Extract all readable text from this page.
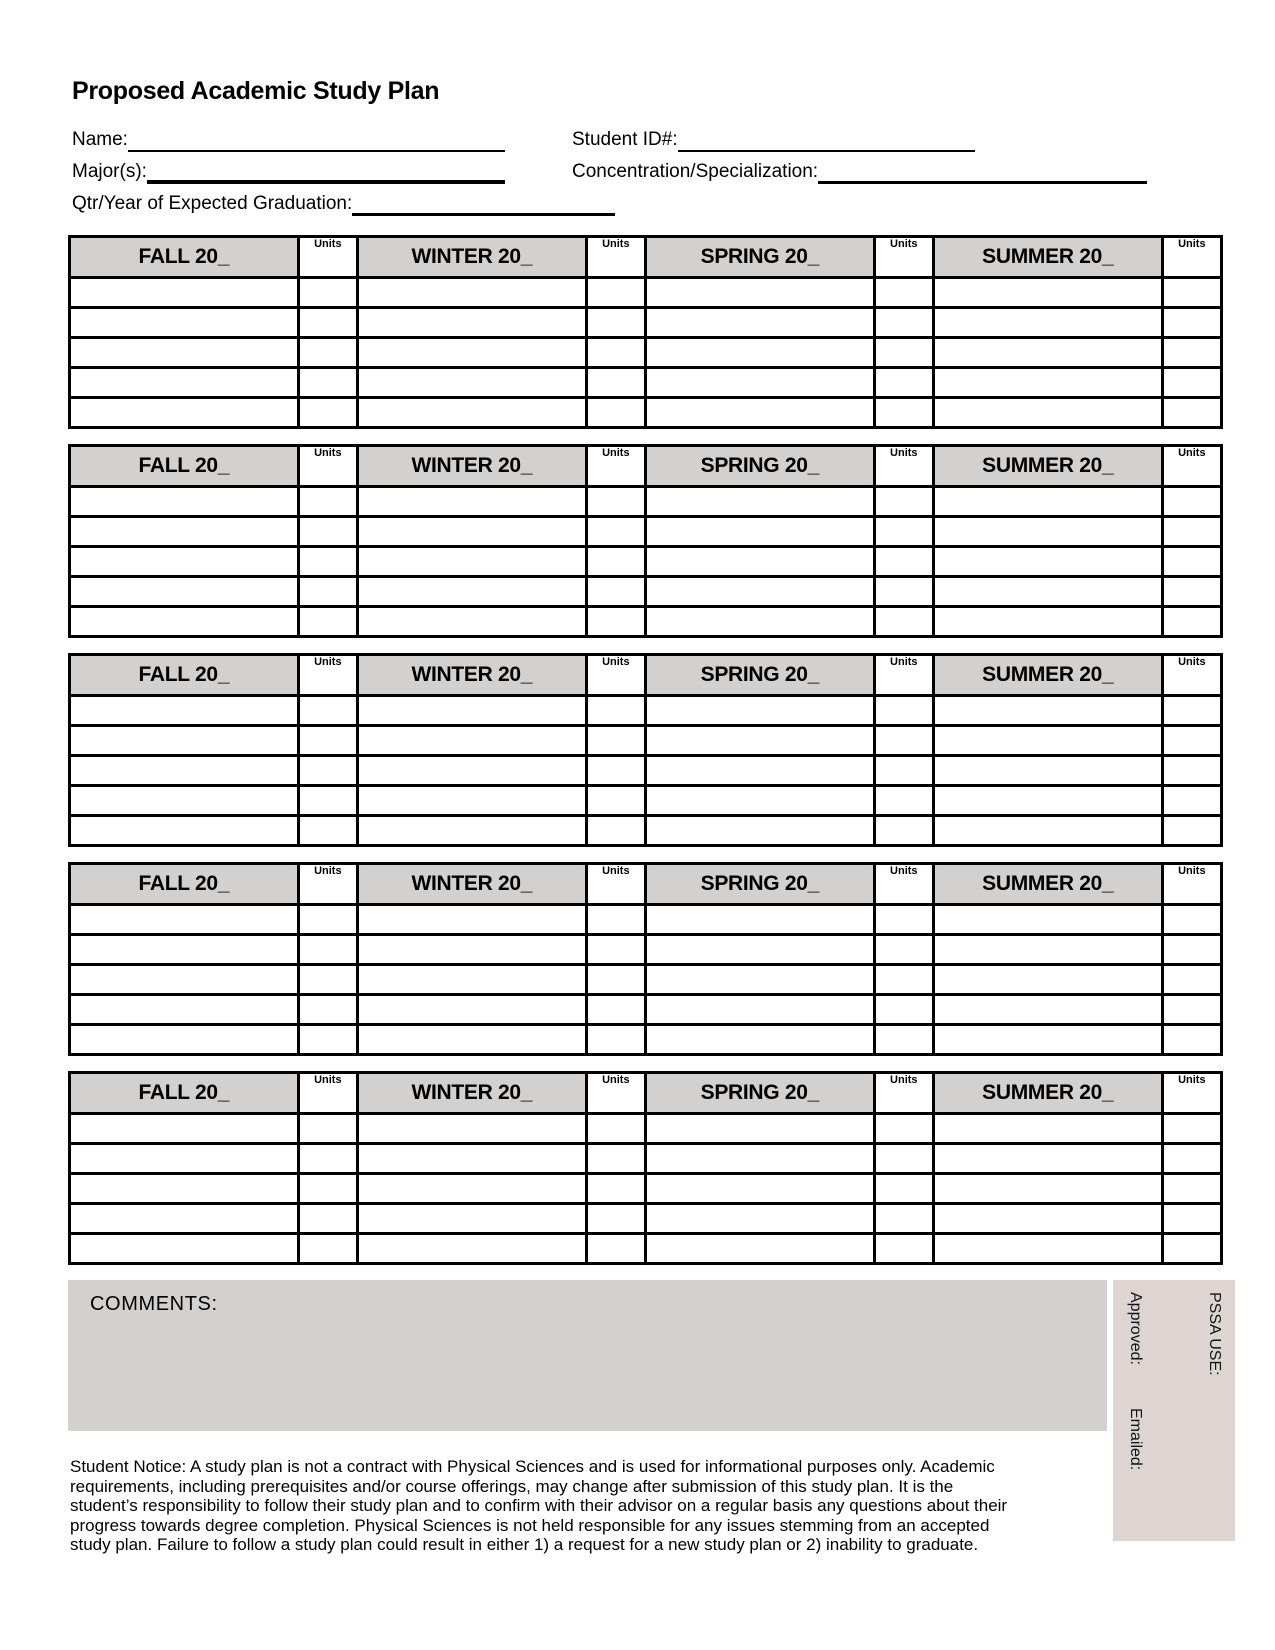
Proposed Academic Study Plan
Name:	Student ID#:
Major(s):	Concentration/Specialization:
Qtr/Year of Expected Graduation:
FALL 20_	Units	WINTER 20_	Units	SPRING 20_	Units	SUMMER 20_	Units

FALL 20_	Units	WINTER 20_	Units	SPRING 20_	Units	SUMMER 20_	Units

FALL 20_	Units	WINTER 20_	Units	SPRING 20_	Units	SUMMER 20_	Units

FALL 20_	Units	WINTER 20_	Units	SPRING 20_	Units	SUMMER 20_	Units

FALL 20_	Units	WINTER 20_	Units	SPRING 20_	Units	SUMMER 20_	Units

COMMENTS:	PSSA USE:
Approved:
Emailed:

Student Notice: A study plan is not a contract with Physical Sciences and is used for informational purposes only. Academic requirements, including prerequisites and/or course offerings, may change after submission of this study plan. It is the student’s responsibility to follow their study plan and to confirm with their advisor on a regular basis any questions about their progress towards degree completion. Physical Sciences is not held responsible for any issues stemming from an accepted study plan. Failure to follow a study plan could result in either 1) a request for a new study plan or 2) inability to graduate.
